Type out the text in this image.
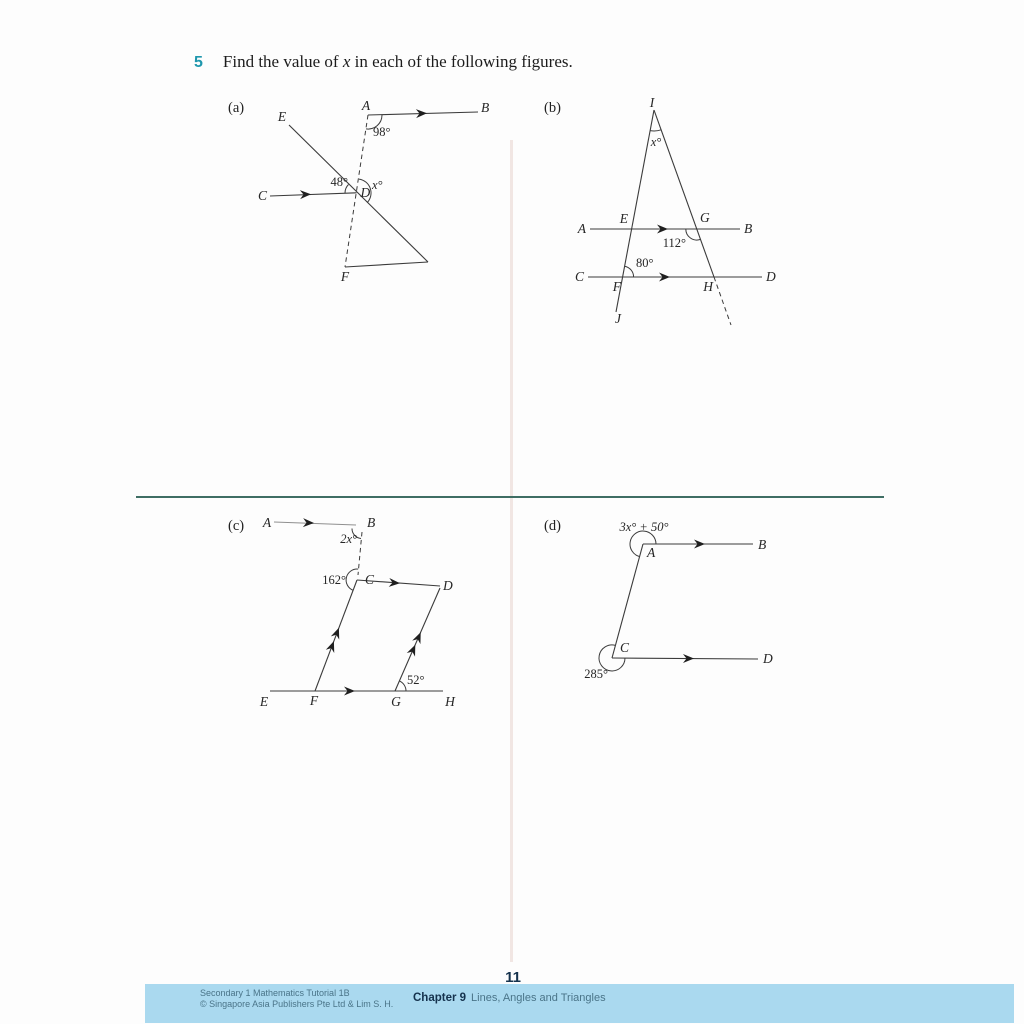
5 Find the value of x in each of the following figures.
(a)	(b)
(c)	(d)
A	B
E
C	D
F
98°
48° x°
I
x°
A	B
E	G
112°
C	D
F	H
80°
J
A	B
2x°
162° C	D
E	F	G	H
52°
3x° + 50°
A
B
C
D
285°
11
Secondary 1 Mathematics Tutorial 1B
© Singapore Asia Publishers Pte Ltd & Lim S. H. Chapter 9 Lines, Angles and Triangles
